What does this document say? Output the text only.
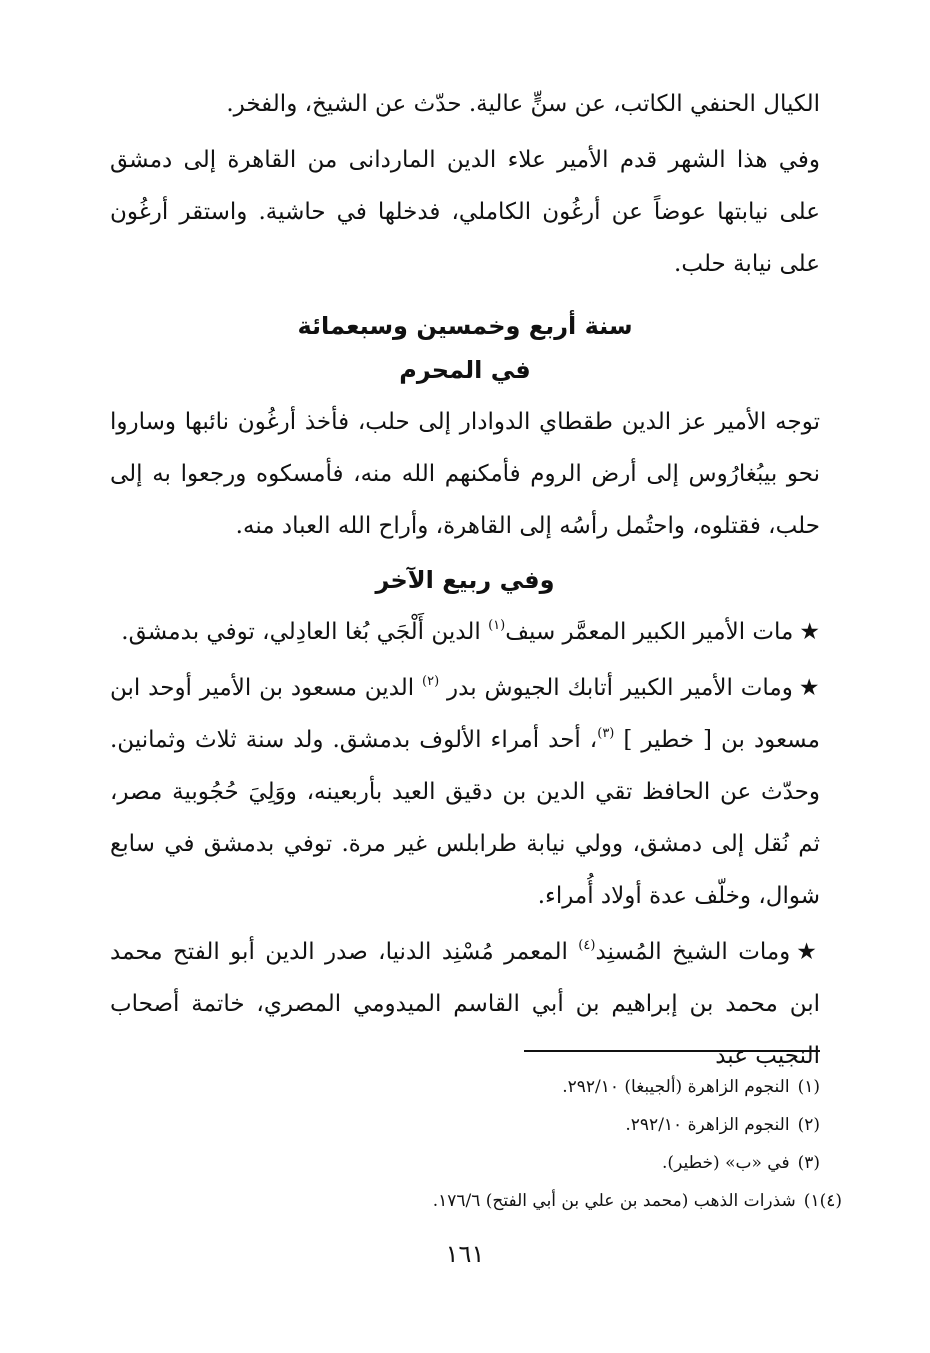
الكيال الحنفي الكاتب، عن سنٍّ عالية. حدّث عن الشيخ، والفخر.

وفي هذا الشهر قدم الأمير علاء الدين الماردانى من القاهرة إلى دمشق على نيابتها عوضاً عن أرغُون الكاملي، فدخلها في حاشية. واستقر أرغُون على نيابة حلب.

سنة أربع وخمسين وسبعمائة

في المحرم

توجه الأمير عز الدين طقطاي الدوادار إلى حلب، فأخذ أرغُون نائبها وساروا نحو بيبُغارُوس إلى أرض الروم فأمكنهم الله منه، فأمسكوه ورجعوا به إلى حلب، فقتلوه، واحتُمل رأسُه إلى القاهرة، وأراح الله العباد منه.

وفي ربيع الآخر

★مات الأمير الكبير المعمَّر سيف$^{(١)}$ الدين أَلْجَي بُغا العادِلي، توفي بدمشق.

★ومات الأمير الكبير أتابك الجيوش بدر $^{(٢)}$ الدين مسعود بن الأمير أوحد ابن مسعود بن [ خطير ] $^{(٣)}$، أحد أمراء الألوف بدمشق. ولد سنة ثلاث وثمانين. وحدّث عن الحافظ تقي الدين بن دقيق العيد بأربعينه، ووَلِيَ حُجُوبية مصر، ثم نُقل إلى دمشق، وولي نيابة طرابلس غير مرة. توفي بدمشق في سابع شوال، وخلّف عدة أولاد أُمراء.

★ومات الشيخ المُسنِد$^{(٤)}$ المعمر مُسْنِد الدنيا، صدر الدين أبو الفتح محمد ابن محمد بن إبراهيم بن أبي القاسم الميدومي المصري، خاتمة أصحاب النجيب عبد

(١)النجوم الزاهرة (ألجيبغا) ٢٩٢/١٠.

(٢)النجوم الزاهرة ٢٩٢/١٠.

(٣)في «ب» (خطير).

(٤)١)شذرات الذهب (محمد بن علي بن أبي الفتح) ١٧٦/٦.

١٦١
